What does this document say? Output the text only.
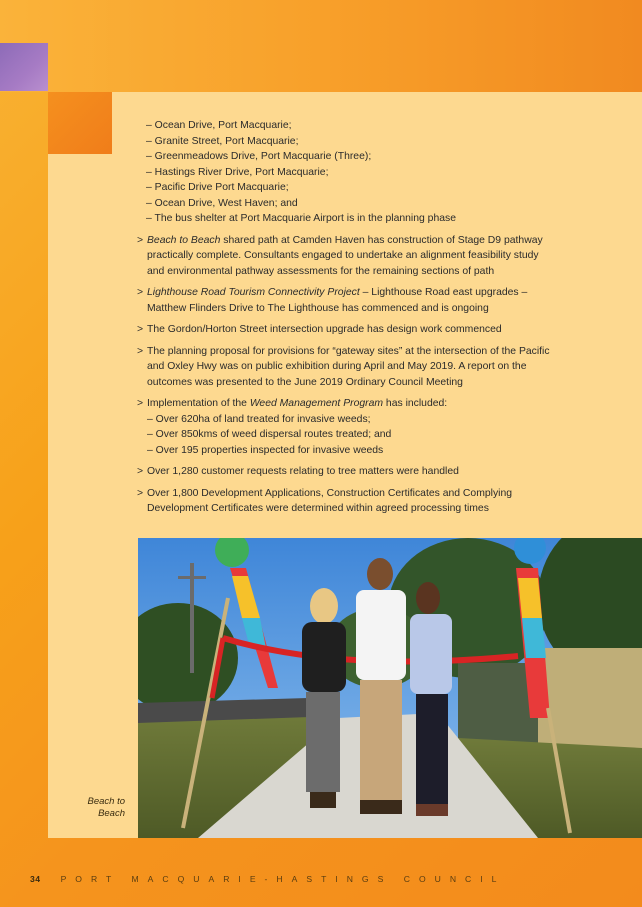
– Ocean Drive, Port Macquarie;

– Granite Street, Port Macquarie;

– Greenmeadows Drive, Port Macquarie (Three);

– Hastings River Drive, Port Macquarie;

– Pacific Drive Port Macquarie;

– Ocean Drive, West Haven; and

– The bus shelter at Port Macquarie Airport is in the planning phase

> Beach to Beach shared path at Camden Haven has construction of Stage D9 pathway
practically complete. Consultants engaged to undertake an alignment feasibility study
and environmental pathway assessments for the remaining sections of path
> Lighthouse Road Tourism Connectivity Project – Lighthouse Road east upgrades –
Matthew Flinders Drive to The Lighthouse has commenced and is ongoing
> The Gordon/Horton Street intersection upgrade has design work commenced
> The planning proposal for provisions for “gateway sites” at the intersection of the Pacific
and Oxley Hwy was on public exhibition during April and May 2019. A report on the
outcomes was presented to the June 2019 Ordinary Council Meeting
> Implementation of the Weed Management Program has included:
– Over 620ha of land treated for invasive weeds;
– Over 850kms of weed dispersal routes treated; and
– Over 195 properties inspected for invasive weeds
> Over 1,280 customer requests relating to tree matters were handled
> Over 1,800 Development Applications, Construction Certificates and Complying
Development Certificates were determined within agreed processing times
Beach to
Beach
34 PORT MACQUARIE-HASTINGS COUNCIL
